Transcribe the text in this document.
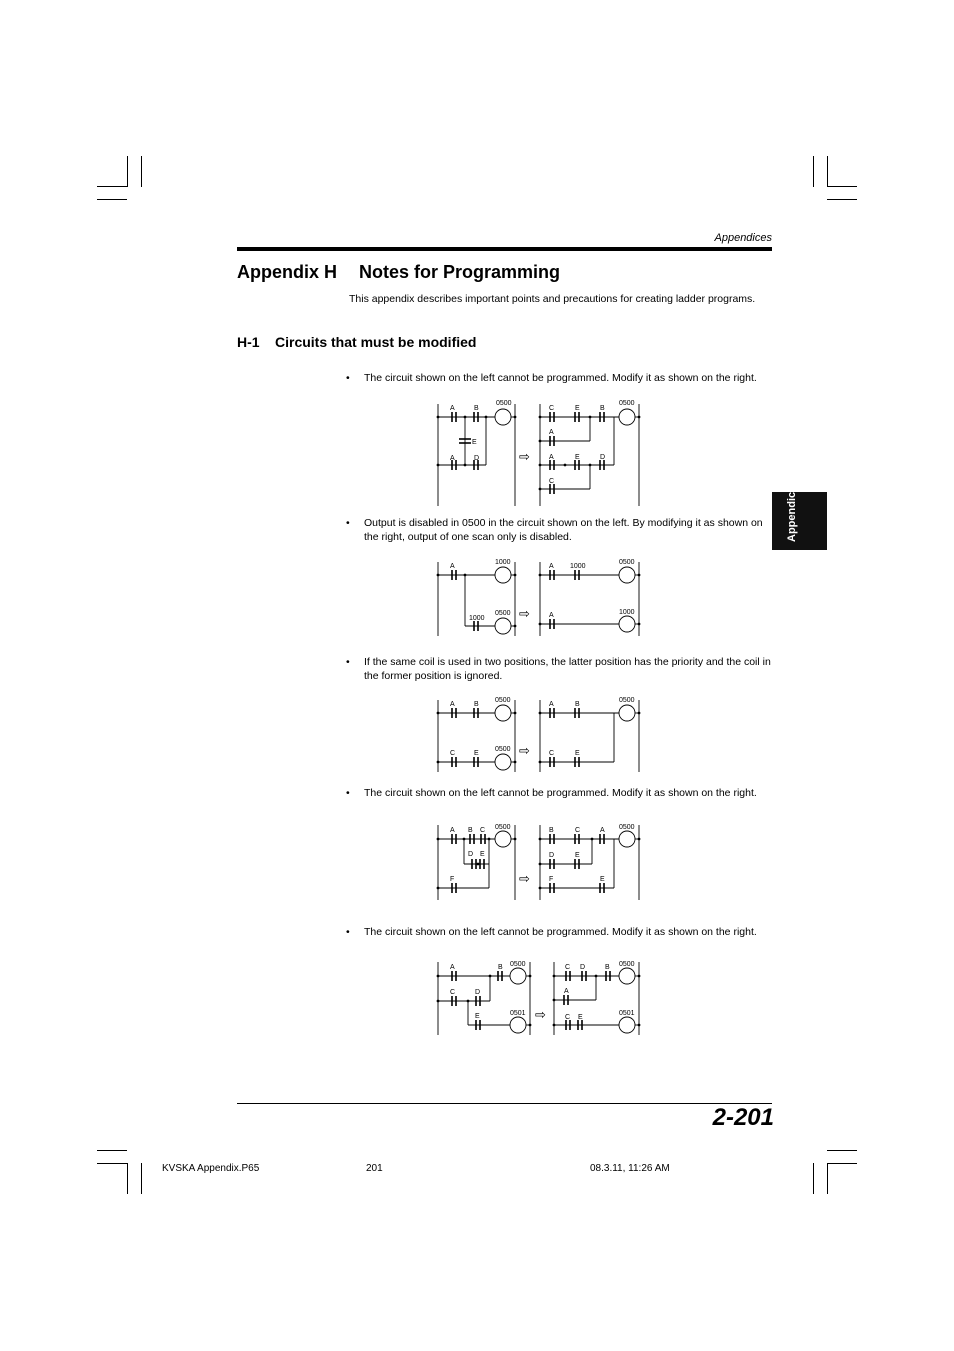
Appendices
Appendix H Notes for Programming
This appendix describes important points and precautions for creating ladder programs.
H-1 Circuits that must be modified
Appendices
• The circuit shown on the left cannot be programmed. Modify it as shown on the right.
• Output is disabled in 0500 in the circuit shown on the left. By modifying it as shown on the right, output of one scan only is disabled.
• If the same coil is used in two positions, the latter position has the priority and the coil in the former position is ignored.
• The circuit shown on the left cannot be programmed. Modify it as shown on the right.
• The circuit shown on the left cannot be programmed. Modify it as shown on the right.
A	B
0500
E
A	D	⇨
C	E	B
0500
A
A	E	D
C
A
1000
1000
0500 ⇨
A 1000
0500
A	1000
A	B
0500
C	E
0500 ⇨
A	B
0500
C	E
A B C 0500
D E
F	⇨
B	C	A 0500
D	E
F	E
A	B 0500
C	D
E	0501 ⇨
C D	B 0500
A
C E
0501
2-201
KVSKA Appendix.P65	201	08.3.11, 11:26 AM
